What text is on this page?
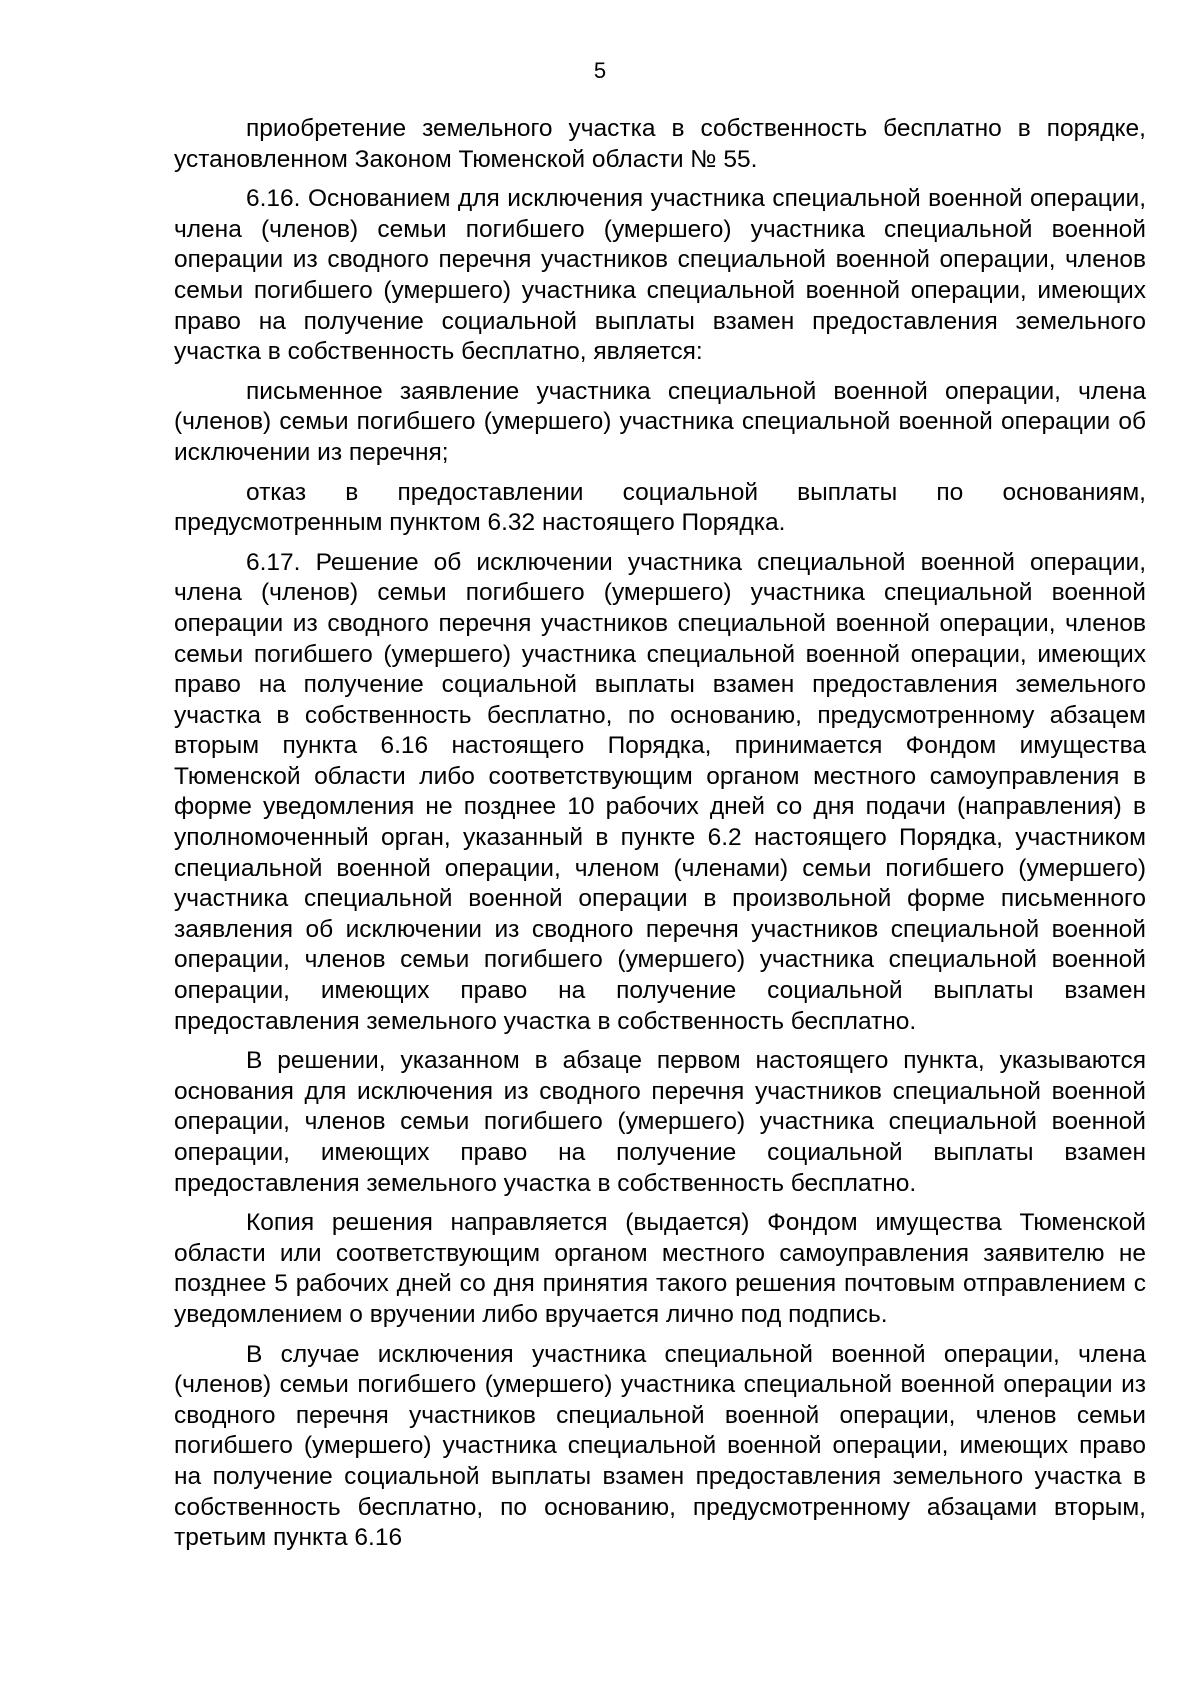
5

приобретение земельного участка в собственность бесплатно в порядке, установленном Законом Тюменской области № 55.

6.16. Основанием для исключения участника специальной военной операции, члена (членов) семьи погибшего (умершего) участника специальной военной операции из сводного перечня участников специальной военной операции, членов семьи погибшего (умершего) участника специальной военной операции, имеющих право на получение социальной выплаты взамен предоставления земельного участка в собственность бесплатно, является:

письменное заявление участника специальной военной операции, члена (членов) семьи погибшего (умершего) участника специальной военной операции об исключении из перечня;

отказ в предоставлении социальной выплаты по основаниям, предусмотренным пунктом 6.32 настоящего Порядка.

6.17. Решение об исключении участника специальной военной операции, члена (членов) семьи погибшего (умершего) участника специальной военной операции из сводного перечня участников специальной военной операции, членов семьи погибшего (умершего) участника специальной военной операции, имеющих право на получение социальной выплаты взамен предоставления земельного участка в собственность бесплатно, по основанию, предусмотренному абзацем вторым пункта 6.16 настоящего Порядка, принимается Фондом имущества Тюменской области либо соответствующим органом местного самоуправления в форме уведомления не позднее 10 рабочих дней со дня подачи (направления) в уполномоченный орган, указанный в пункте 6.2 настоящего Порядка, участником специальной военной операции, членом (членами) семьи погибшего (умершего) участника специальной военной операции в произвольной форме письменного заявления об исключении из сводного перечня участников специальной военной операции, членов семьи погибшего (умершего) участника специальной военной операции, имеющих право на получение социальной выплаты взамен предоставления земельного участка в собственность бесплатно.

В решении, указанном в абзаце первом настоящего пункта, указываются основания для исключения из сводного перечня участников специальной военной операции, членов семьи погибшего (умершего) участника специальной военной операции, имеющих право на получение социальной выплаты взамен предоставления земельного участка в собственность бесплатно.

Копия решения направляется (выдается) Фондом имущества Тюменской области или соответствующим органом местного самоуправления заявителю не позднее 5 рабочих дней со дня принятия такого решения почтовым отправлением с уведомлением о вручении либо вручается лично под подпись.

В случае исключения участника специальной военной операции, члена (членов) семьи погибшего (умершего) участника специальной военной операции из сводного перечня участников специальной военной операции, членов семьи погибшего (умершего) участника специальной военной операции, имеющих право на получение социальной выплаты взамен предоставления земельного участка в собственность бесплатно, по основанию, предусмотренному абзацами вторым, третьим пункта 6.16
